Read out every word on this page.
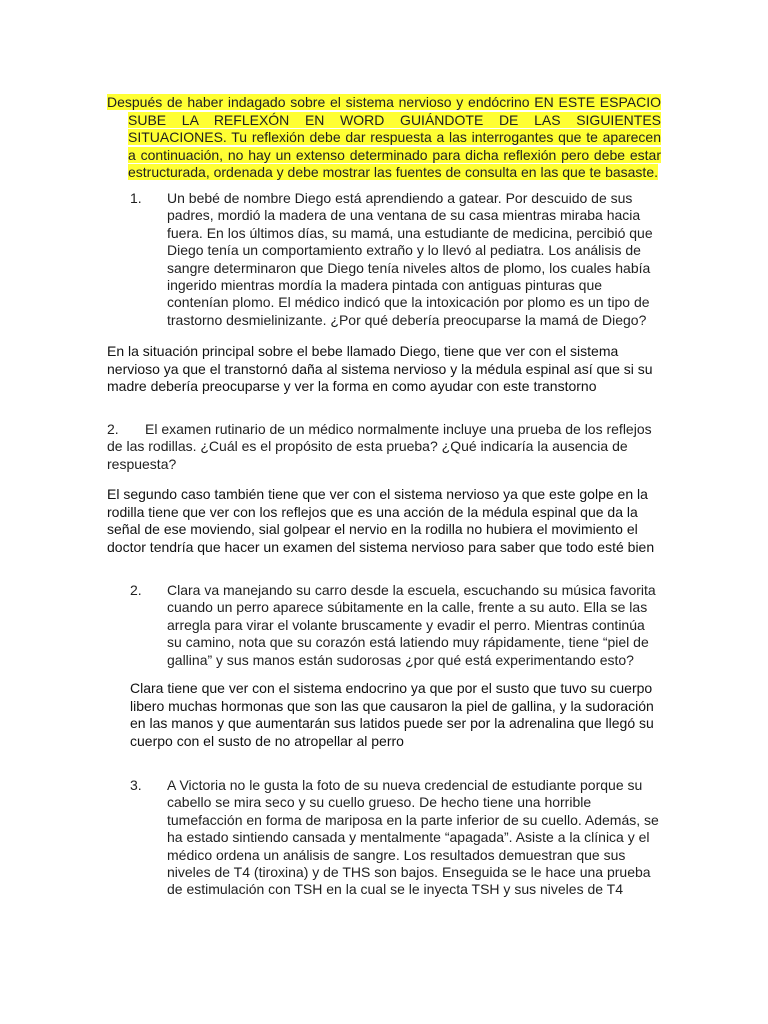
Después de haber indagado sobre el sistema nervioso y endócrino EN ESTE ESPACIO SUBE LA REFLEXÓN EN WORD GUIÁNDOTE DE LAS SIGUIENTES SITUACIONES. Tu reflexión debe dar respuesta a las interrogantes que te aparecen a continuación, no hay un extenso determinado para dicha reflexión pero debe estar estructurada, ordenada y debe mostrar las fuentes de consulta en las que te basaste.
1. Un bebé de nombre Diego está aprendiendo a gatear. Por descuido de sus padres, mordió la madera de una ventana de su casa mientras miraba hacia fuera. En los últimos días, su mamá, una estudiante de medicina, percibió que Diego tenía un comportamiento extraño y lo llevó al pediatra. Los análisis de sangre determinaron que Diego tenía niveles altos de plomo, los cuales había ingerido mientras mordía la madera pintada con antiguas pinturas que contenían plomo. El médico indicó que la intoxicación por plomo es un tipo de trastorno desmielinizante. ¿Por qué debería preocuparse la mamá de Diego?
En la situación principal sobre el bebe llamado Diego, tiene que ver con el sistema nervioso ya que el transtornó daña al sistema nervioso y la médula espinal así que si su madre debería preocuparse y ver la forma en como ayudar con este transtorno
2. El examen rutinario de un médico normalmente incluye una prueba de los reflejos de las rodillas. ¿Cuál es el propósito de esta prueba? ¿Qué indicaría la ausencia de respuesta?
El segundo caso también tiene que ver con el sistema nervioso ya que este golpe en la rodilla tiene que ver con los reflejos que es una acción de la médula espinal que da la señal de ese moviendo, sial golpear el nervio en la rodilla no hubiera el movimiento el doctor tendría que hacer un examen del sistema nervioso para saber que todo esté bien
2. Clara va manejando su carro desde la escuela, escuchando su música favorita cuando un perro aparece súbitamente en la calle, frente a su auto. Ella se las arregla para virar el volante bruscamente y evadir el perro. Mientras continúa su camino, nota que su corazón está latiendo muy rápidamente, tiene “piel de gallina” y sus manos están sudorosas ¿por qué está experimentando esto?
Clara tiene que ver con el sistema endocrino ya que por el susto que tuvo su cuerpo libero muchas hormonas que son las que causaron la piel de gallina, y la sudoración en las manos y que aumentarán sus latidos puede ser por la adrenalina que llegó su cuerpo con el susto de no atropellar al perro
3. A Victoria no le gusta la foto de su nueva credencial de estudiante porque su cabello se mira seco y su cuello grueso. De hecho tiene una horrible tumefacción en forma de mariposa en la parte inferior de su cuello. Además, se ha estado sintiendo cansada y mentalmente “apagada”. Asiste a la clínica y el médico ordena un análisis de sangre. Los resultados demuestran que sus niveles de T4 (tiroxina) y de THS son bajos. Enseguida se le hace una prueba de estimulación con TSH en la cual se le inyecta TSH y sus niveles de T4
